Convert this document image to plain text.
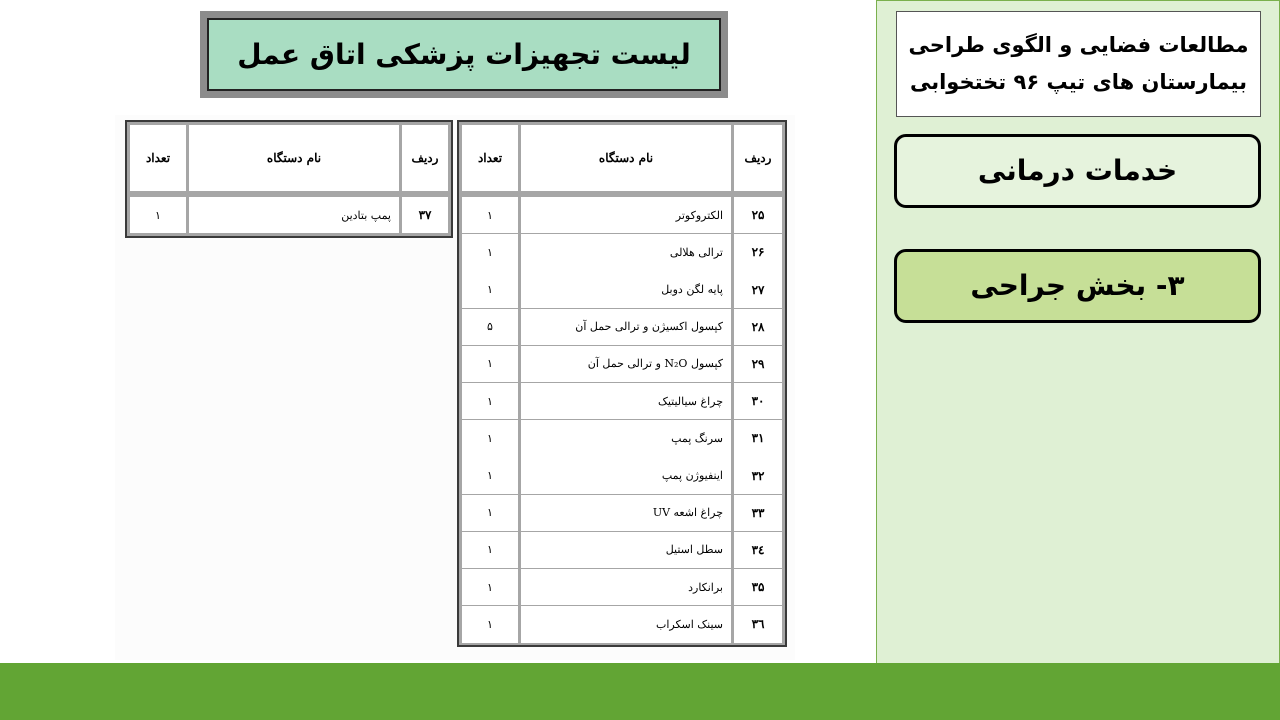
مطالعات فضایی و الگوی طراحی
بیمارستان های تیپ ۹۶ تختخوابی
خدمات درمانی
۳- بخش جراحی
لیست تجهیزات پزشکی اتاق عمل
ردیف
نام دستگاه
تعداد
۲۵
الکتروکوتر
۱
۲۶
ترالی هلالی
۱
۲۷
پایه لگن دوبل
۱
۲۸
کپسول اکسیژن و ترالی حمل آن
۵
۲۹
کپسول N₂O و ترالی حمل آن
۱
۳۰
چراغ سیالیتیک
۱
۳۱
سرنگ پمپ
۱
۳۲
اینفیوژن پمپ
۱
۳۳
چراغ اشعه UV
۱
۳٤
سطل استیل
۱
۳۵
برانکارد
۱
۳٦
سینک اسکراب
۱
ردیف
نام دستگاه
تعداد
۳۷
پمپ بتادین
۱
